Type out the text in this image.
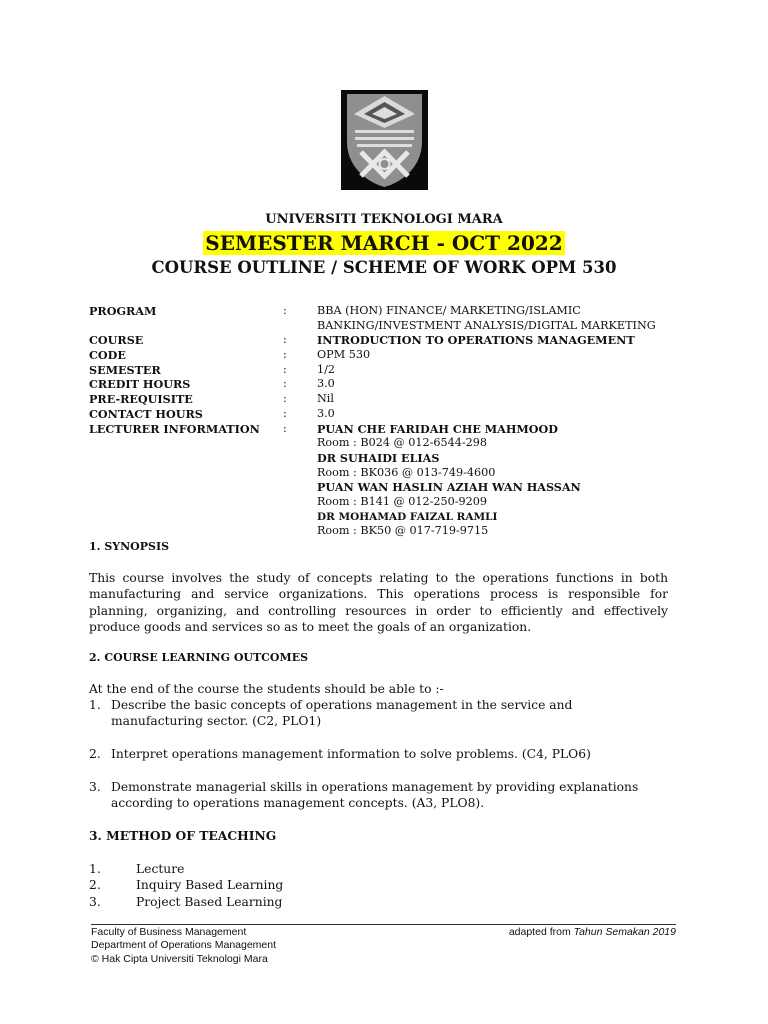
UNIVERSITI TEKNOLOGI MARA
SEMESTER MARCH - OCT 2022
COURSE OUTLINE / SCHEME OF WORK OPM 530
PROGRAM	:	BBA (HON) FINANCE/ MARKETING/ISLAMIC
BANKING/INVESTMENT ANALYSIS/DIGITAL MARKETING
COURSE	:	INTRODUCTION TO OPERATIONS MANAGEMENT
CODE	:	OPM 530
SEMESTER	:	1/2
CREDIT HOURS	:	3.0
PRE-REQUISITE	:	Nil
CONTACT HOURS	:	3.0
LECTURER INFORMATION :	PUAN CHE FARIDAH CHE MAHMOOD
Room : B024 @ 012-6544-298
DR SUHAIDI ELIAS
Room : BK036 @ 013-749-4600
PUAN WAN HASLIN AZIAH WAN HASSAN
Room : B141 @ 012-250-9209
DR MOHAMAD FAIZAL RAMLI
Room : BK50 @ 017-719-9715
1. SYNOPSIS
This course involves the study of concepts relating to the operations functions in both manufacturing and service organizations. This operations process is responsible for planning, organizing, and controlling resources in order to efficiently and effectively produce goods and services so as to meet the goals of an organization.
2. COURSE LEARNING OUTCOMES
At the end of the course the students should be able to :-
1. Describe the basic concepts of operations management in the service and manufacturing sector. (C2, PLO1)
2. Interpret operations management information to solve problems. (C4, PLO6)
3. Demonstrate managerial skills in operations management by providing explanations according to operations management concepts. (A3, PLO8).
3. METHOD OF TEACHING
1.	Lecture
2.	Inquiry Based Learning
3.	Project Based Learning
Faculty of Business Management
Department of Operations Management
© Hak Cipta Universiti Teknologi Mara
adapted from Tahun Semakan 2019
